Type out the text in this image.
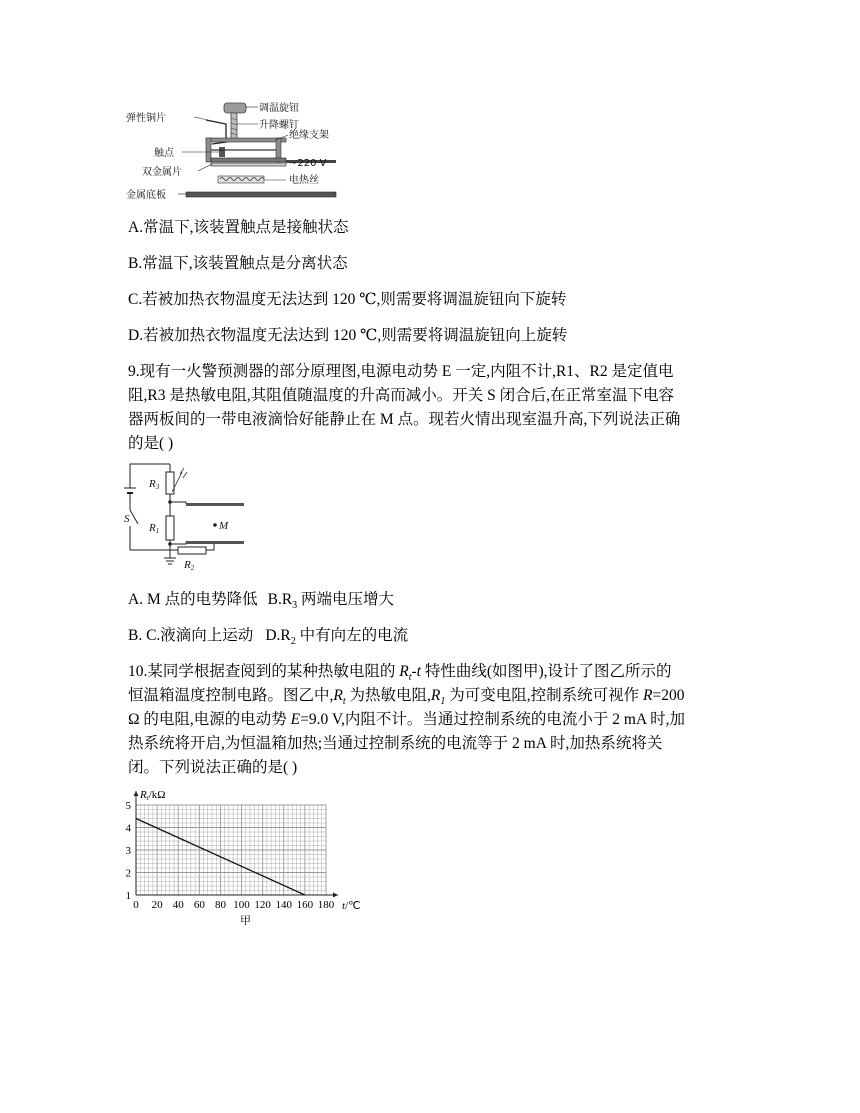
调温旋钮
升降螺钉
弹性铜片
绝缘支架
触点
~220 V
双金属片
电热丝
金属底板
A.常温下,该装置触点是接触状态
B.常温下,该装置触点是分离状态
C.若被加热衣物温度无法达到 120 ℃,则需要将调温旋钮向下旋转
D.若被加热衣物温度无法达到 120 ℃,则需要将调温旋钮向上旋转
9.现有一火警预测器的部分原理图,电源电动势 E 一定,内阻不计,R1、R2 是定值电
阻,R3 是热敏电阻,其阻值随温度的升高而减小。开关 S 闭合后,在正常室温下电容
器两板间的一带电液滴恰好能静止在 M 点。现若火情出现室温升高,下列说法正确
的是( )
S
R3
R1
R2
M
A. M 点的电势降低 $B.R_3$ 两端电压增大
B. C.液滴向上运动 $D.R_2$ 中有向左的电流
10.某同学根据查阅到的某种热敏电阻的 $R_t-t$ 特性曲线(如图甲),设计了图乙所示的
恒温箱温度控制电路。图乙中$,R_t$ 为热敏电阻$,R_1$ 为可变电阻,控制系统可视作 R=200
Ω 的电阻,电源的电动势 E=9.0 V,内阻不计。当通过控制系统的电流小于 2 mA 时,加
热系统将开启,为恒温箱加热;当通过控制系统的电流等于 2 mA 时,加热系统将关
闭。下列说法正确的是( )
0 20 40 60 80 100 120 140 160 180
1
2
3
4
5
Rt/kΩ
t/℃
甲
